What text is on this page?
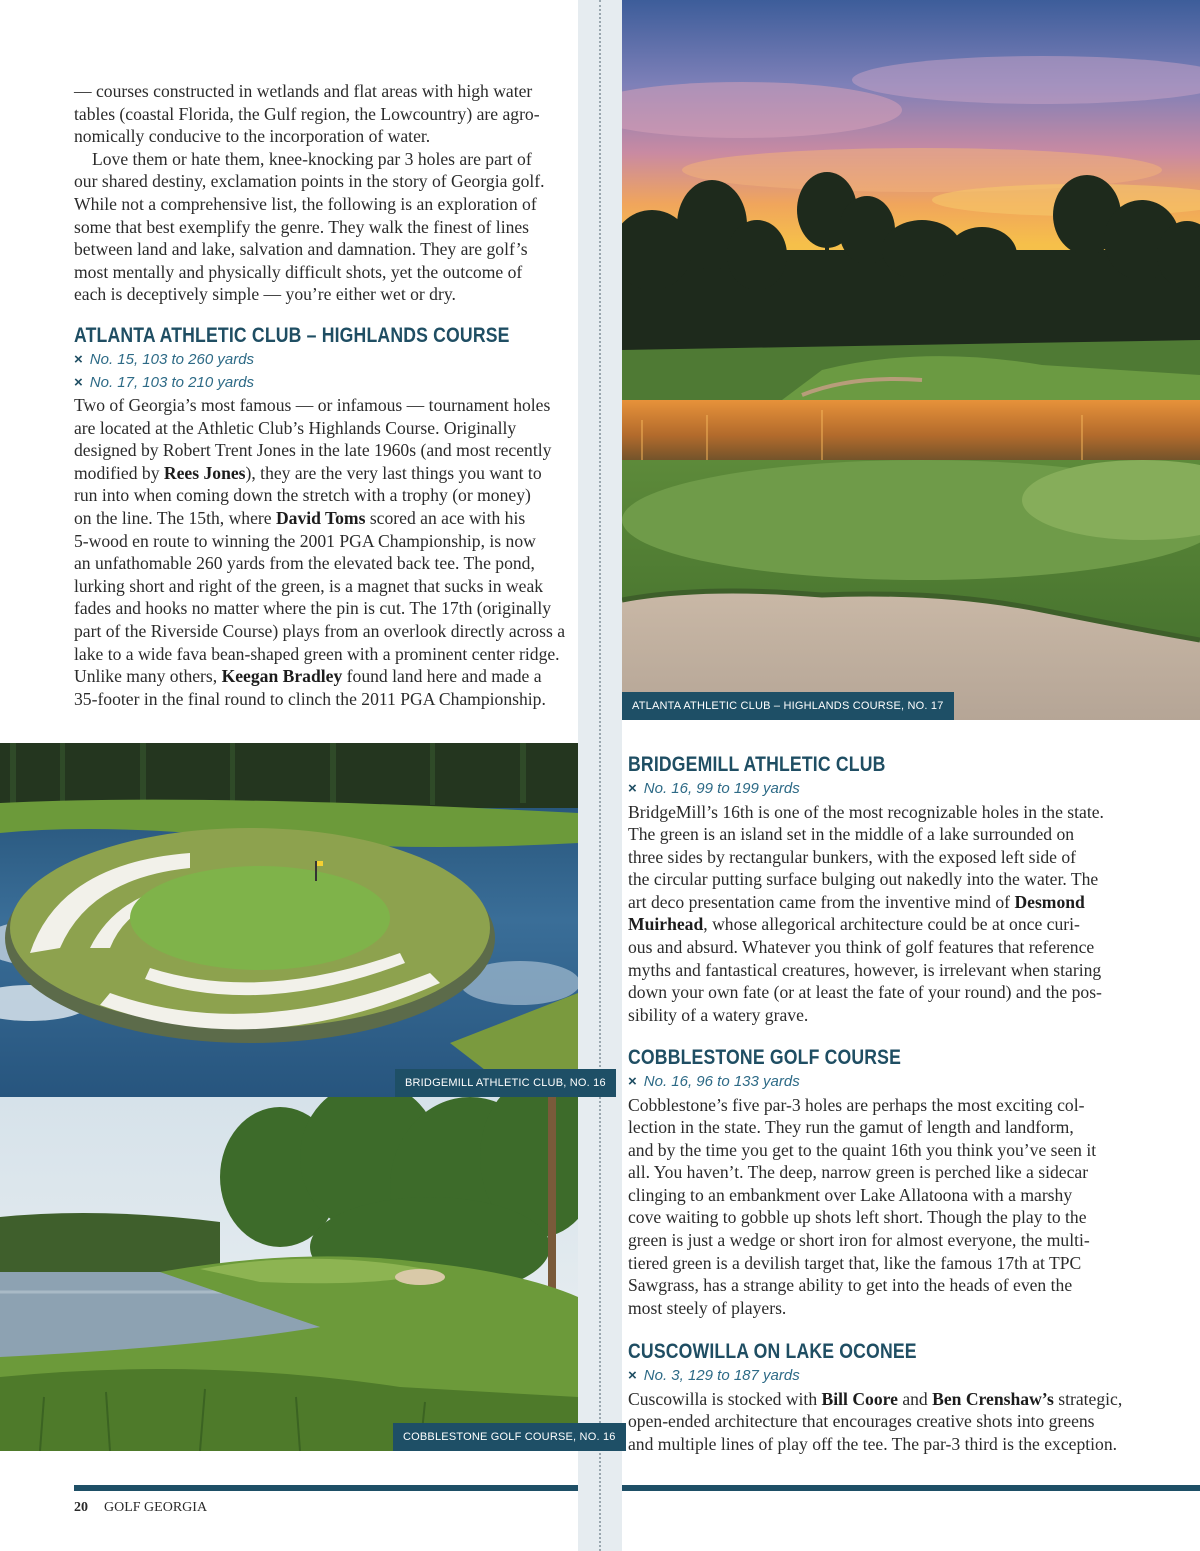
— courses constructed in wetlands and flat areas with high water
tables (coastal Florida, the Gulf region, the Lowcountry) are agro-
nomically conducive to the incorporation of water.

Love them or hate them, knee-knocking par 3 holes are part of
our shared destiny, exclamation points in the story of Georgia golf.
While not a comprehensive list, the following is an exploration of
some that best exemplify the genre. They walk the finest of lines
between land and lake, salvation and damnation. They are golf’s
most mentally and physically difficult shots, yet the outcome of
each is deceptively simple — you’re either wet or dry.

ATLANTA ATHLETIC CLUB – HIGHLANDS COURSE
× No. 15, 103 to 260 yards
× No. 17, 103 to 210 yards

Two of Georgia’s most famous — or infamous — tournament holes
are located at the Athletic Club’s Highlands Course. Originally
designed by Robert Trent Jones in the late 1960s (and most recently
modified by Rees Jones), they are the very last things you want to
run into when coming down the stretch with a trophy (or money)
on the line. The 15th, where David Toms scored an ace with his
5-wood en route to winning the 2001 PGA Championship, is now
an unfathomable 260 yards from the elevated back tee. The pond,
lurking short and right of the green, is a magnet that sucks in weak
fades and hooks no matter where the pin is cut. The 17th (originally
part of the Riverside Course) plays from an overlook directly across a
lake to a wide fava bean-shaped green with a prominent center ridge.
Unlike many others, Keegan Bradley found land here and made a
35-footer in the final round to clinch the 2011 PGA Championship.	ATLANTA ATHLETIC CLUB – HIGHLANDS COURSE, NO. 17
BRIDGEMILL ATHLETIC CLUB
× No. 16, 99 to 199 yards

BridgeMill’s 16th is one of the most recognizable holes in the state.
The green is an island set in the middle of a lake surrounded on
three sides by rectangular bunkers, with the exposed left side of
the circular putting surface bulging out nakedly into the water. The
art deco presentation came from the inventive mind of Desmond
Muirhead, whose allegorical architecture could be at once curi-
ous and absurd. Whatever you think of golf features that reference
myths and fantastical creatures, however, is irrelevant when staring
down your own fate (or at least the fate of your round) and the pos-
sibility of a watery grave.

COBBLESTONE GOLF COURSE
× No. 16, 96 to 133 yards

Cobblestone’s five par-3 holes are perhaps the most exciting col-
lection in the state. They run the gamut of length and landform,
and by the time you get to the quaint 16th you think you’ve seen it
all. You haven’t. The deep, narrow green is perched like a sidecar
clinging to an embankment over Lake Allatoona with a marshy
cove waiting to gobble up shots left short. Though the play to the
green is just a wedge or short iron for almost everyone, the multi-
tiered green is a devilish target that, like the famous 17th at TPC
Sawgrass, has a strange ability to get into the heads of even the
most steely of players.

CUSCOWILLA ON LAKE OCONEE
× No. 3, 129 to 187 yards

Cuscowilla is stocked with Bill Coore and Ben Crenshaw’s strategic,
open-ended architecture that encourages creative shots into greens
and multiple lines of play off the tee. The par-3 third is the exception.

BRIDGEMILL ATHLETIC CLUB, NO. 16
COBBLESTONE GOLF COURSE, NO. 16
20 GOLF GEORGIA
